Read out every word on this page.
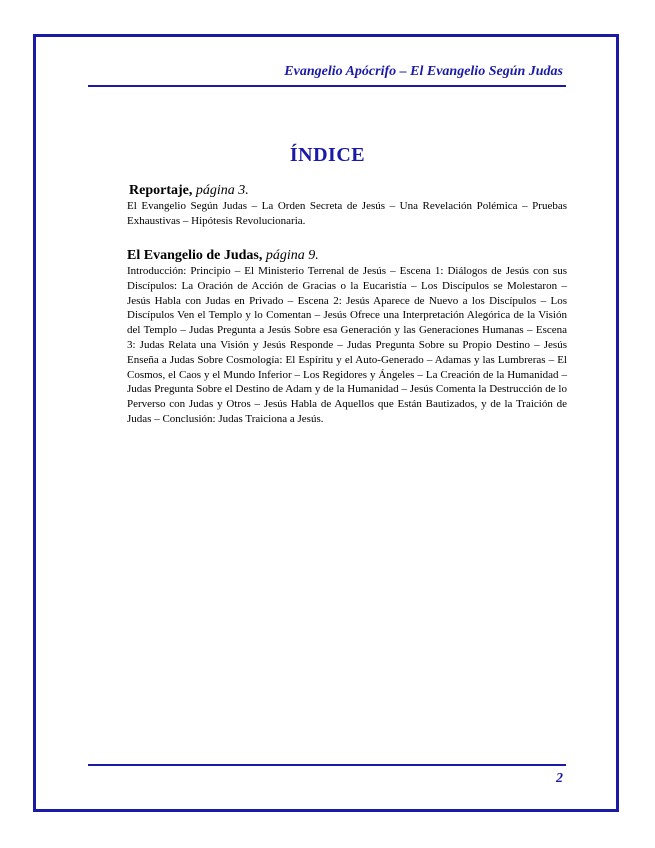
Evangelio Apócrifo – El Evangelio Según Judas
ÍNDICE

Reportaje, página 3.

El Evangelio Según Judas – La Orden Secreta de Jesús – Una Revelación Polémica – Pruebas Exhaustivas – Hipótesis Revolucionaria.

El Evangelio de Judas, página 9.

Introducción: Principio – El Ministerio Terrenal de Jesús – Escena 1: Diálogos de Jesús con sus Discípulos: La Oración de Acción de Gracias o la Eucaristía – Los Discípulos se Molestaron – Jesús Habla con Judas en Privado – Escena 2: Jesús Aparece de Nuevo a los Discípulos – Los Discípulos Ven el Templo y lo Comentan – Jesús Ofrece una Interpretación Alegórica de la Visión del Templo – Judas Pregunta a Jesús Sobre esa Generación y las Generaciones Humanas – Escena 3: Judas Relata una Visión y Jesús Responde – Judas Pregunta Sobre su Propio Destino – Jesús Enseña a Judas Sobre Cosmología: El Espíritu y el Auto-Generado – Adamas y las Lumbreras – El Cosmos, el Caos y el Mundo Inferior – Los Regidores y Ángeles – La Creación de la Humanidad – Judas Pregunta Sobre el Destino de Adam y de la Humanidad – Jesús Comenta la Destrucción de lo Perverso con Judas y Otros – Jesús Habla de Aquellos que Están Bautizados, y de la Traición de Judas – Conclusión: Judas Traiciona a Jesús.

2
